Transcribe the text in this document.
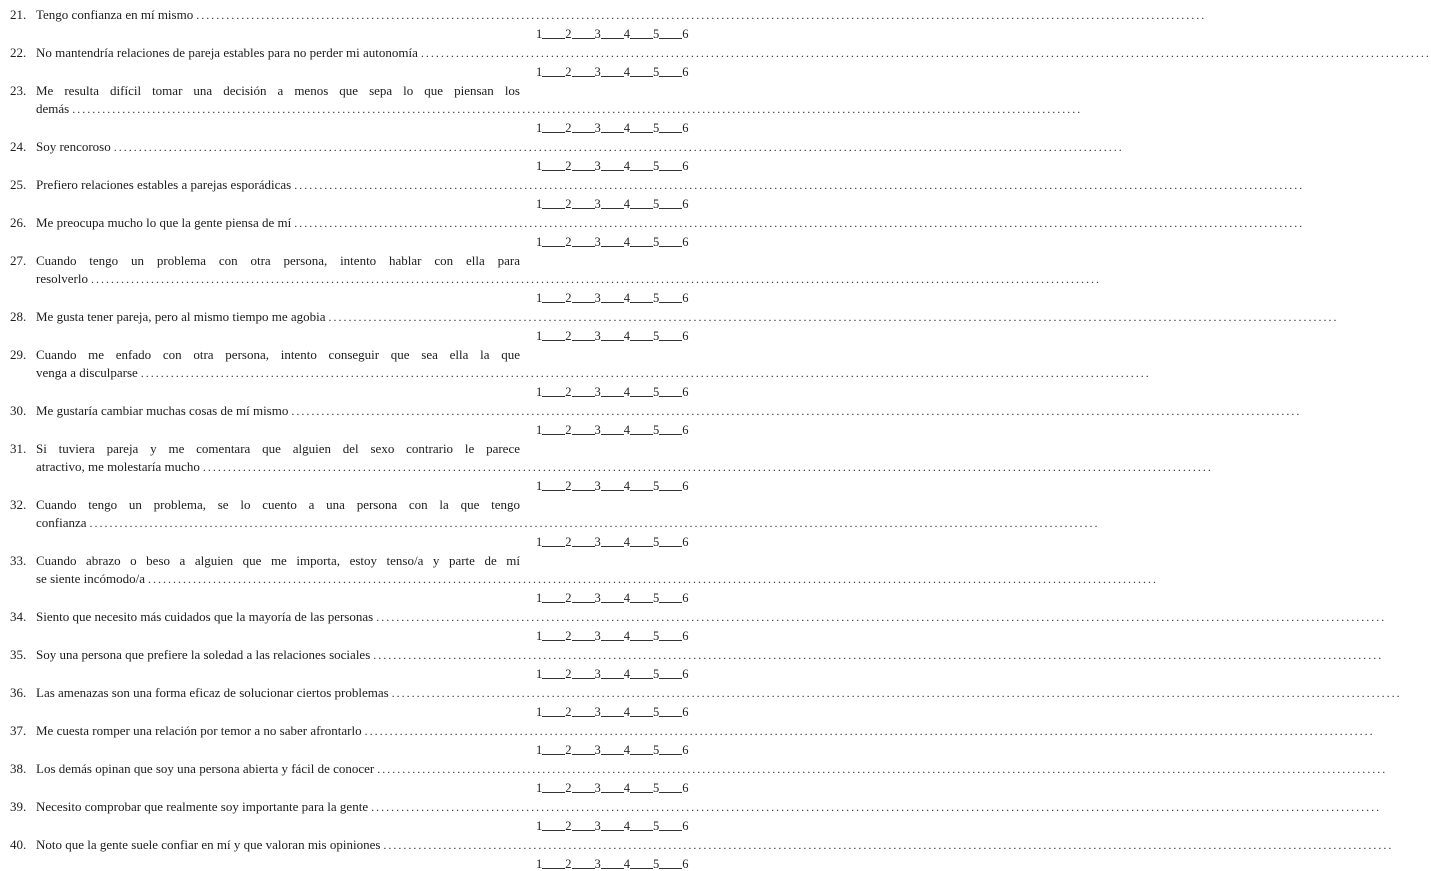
21. Tengo confianza en mí mismo
.....
1 2 3 4 5 6
22. No mantendría relaciones de pareja estables para no perder mi autonomía
.....
1 2 3 4 5 6
23. Me resulta difícil tomar una decisión a menos que sepa lo que piensan los
demás
.....
1 2 3 4 5 6
24. Soy rencoroso
.....
1 2 3 4 5 6
25. Prefiero relaciones estables a parejas esporádicas
.....
1 2 3 4 5 6
26. Me preocupa mucho lo que la gente piensa de mí
.....
1 2 3 4 5 6
27. Cuando tengo un problema con otra persona, intento hablar con ella para
resolverlo
.....
1 2 3 4 5 6
28. Me gusta tener pareja, pero al mismo tiempo me agobia
.....
1 2 3 4 5 6
29. Cuando me enfado con otra persona, intento conseguir que sea ella la que
venga a disculparse
.....
1 2 3 4 5 6
30. Me gustaría cambiar muchas cosas de mí mismo
.....
1 2 3 4 5 6
31. Si tuviera pareja y me comentara que alguien del sexo contrario le parece
atractivo, me molestaría mucho
.....
1 2 3 4 5 6
32. Cuando tengo un problema, se lo cuento a una persona con la que tengo
confianza
.....
1 2 3 4 5 6
33. Cuando abrazo o beso a alguien que me importa, estoy tenso/a y parte de mí
se siente incómodo/a
.....
1 2 3 4 5 6
34. Siento que necesito más cuidados que la mayoría de las personas
.....
1 2 3 4 5 6
35. Soy una persona que prefiere la soledad a las relaciones sociales
.....
1 2 3 4 5 6
36. Las amenazas son una forma eficaz de solucionar ciertos problemas
.....
1 2 3 4 5 6
37. Me cuesta romper una relación por temor a no saber afrontarlo
.....
1 2 3 4 5 6
38. Los demás opinan que soy una persona abierta y fácil de conocer
.....
1 2 3 4 5 6
39. Necesito comprobar que realmente soy importante para la gente
.....
1 2 3 4 5 6
40. Noto que la gente suele confiar en mí y que valoran mis opiniones
.....
1 2 3 4 5 6
